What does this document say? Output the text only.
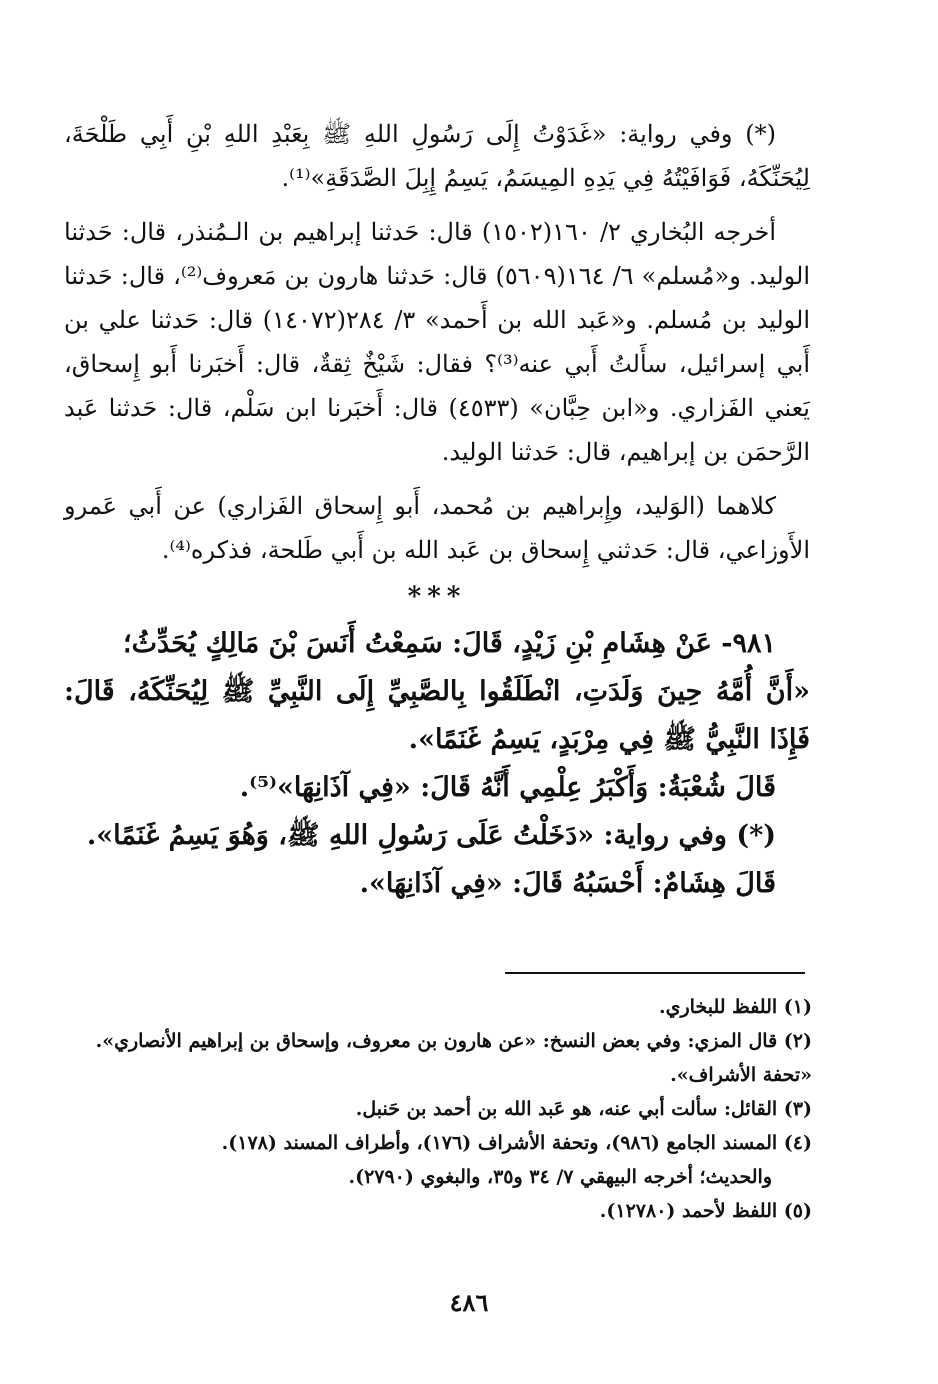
(*) وفي رواية: «غَدَوْتُ إِلَى رَسُولِ اللهِ ﷺ بِعَبْدِ اللهِ بْنِ أَبِي طَلْحَةَ، لِيُحَنِّكَهُ، فَوَافَيْتُهُ فِي يَدِهِ المِيسَمُ، يَسِمُ إِبِلَ الصَّدَقَةِ»⁽¹⁾.

أخرجه البُخاري ٢/ ١٦٠(١٥٠٢) قال: حَدثنا إبراهيم بن الـمُنذر، قال: حَدثنا الوليد. و«مُسلم» ٦/ ١٦٤(٥٦٠٩) قال: حَدثنا هارون بن مَعروف⁽²⁾، قال: حَدثنا الوليد بن مُسلم. و«عَبد الله بن أَحمد» ٣/ ٢٨٤(١٤٠٧٢) قال: حَدثنا علي بن أَبي إسرائيل، سأَلتُ أَبي عنه⁽³⁾؟ فقال: شَيْخٌ ثِقةٌ، قال: أَخبَرنا أَبو إِسحاق، يَعني الفَزاري. و«ابن حِبَّان» (٤٥٣٣) قال: أَخبَرنا ابن سَلْم، قال: حَدثنا عَبد الرَّحمَن بن إبراهيم، قال: حَدثنا الوليد.

كلاهما (الوَليد، وإِبراهيم بن مُحمد، أَبو إِسحاق الفَزاري) عن أَبي عَمرو الأَوزاعي، قال: حَدثني إِسحاق بن عَبد الله بن أَبي طَلحة، فذكره⁽⁴⁾.

***

٩٨١- عَنْ هِشَامِ بْنِ زَيْدٍ، قَالَ: سَمِعْتُ أَنَسَ بْنَ مَالِكٍ يُحَدِّثُ؛

«أَنَّ أُمَّهُ حِينَ وَلَدَتِ، انْطَلَقُوا بِالصَّبِيِّ إِلَى النَّبِيِّ ﷺ لِيُحَنِّكَهُ، قَالَ: فَإِذَا النَّبِيُّ ﷺ فِي مِرْبَدٍ، يَسِمُ غَنَمًا».

قَالَ شُعْبَةُ: وَأَكْبَرُ عِلْمِي أَنَّهُ قَالَ: «فِي آذَانِهَا»⁽⁵⁾.

(*) وفي رواية: «دَخَلْتُ عَلَى رَسُولِ اللهِ ﷺ، وَهُوَ يَسِمُ غَنَمًا».

قَالَ هِشَامٌ: أَحْسَبُهُ قَالَ: «فِي آذَانِهَا».

(١) اللفظ للبخاري.

(٢) قال المزي: وفي بعض النسخ: «عن هارون بن معروف، وإسحاق بن إبراهيم الأنصاري». «تحفة الأشراف».

(٣) القائل: سألت أبي عنه، هو عَبد الله بن أحمد بن حَنبل.

(٤) المسند الجامع (٩٨٦)، وتحفة الأشراف (١٧٦)، وأطراف المسند (١٧٨).

والحديث؛ أخرجه البيهقي ٧/ ٣٤ و٣٥، والبغوي (٢٧٩٠).

(٥) اللفظ لأحمد (١٢٧٨٠).

٤٨٦
